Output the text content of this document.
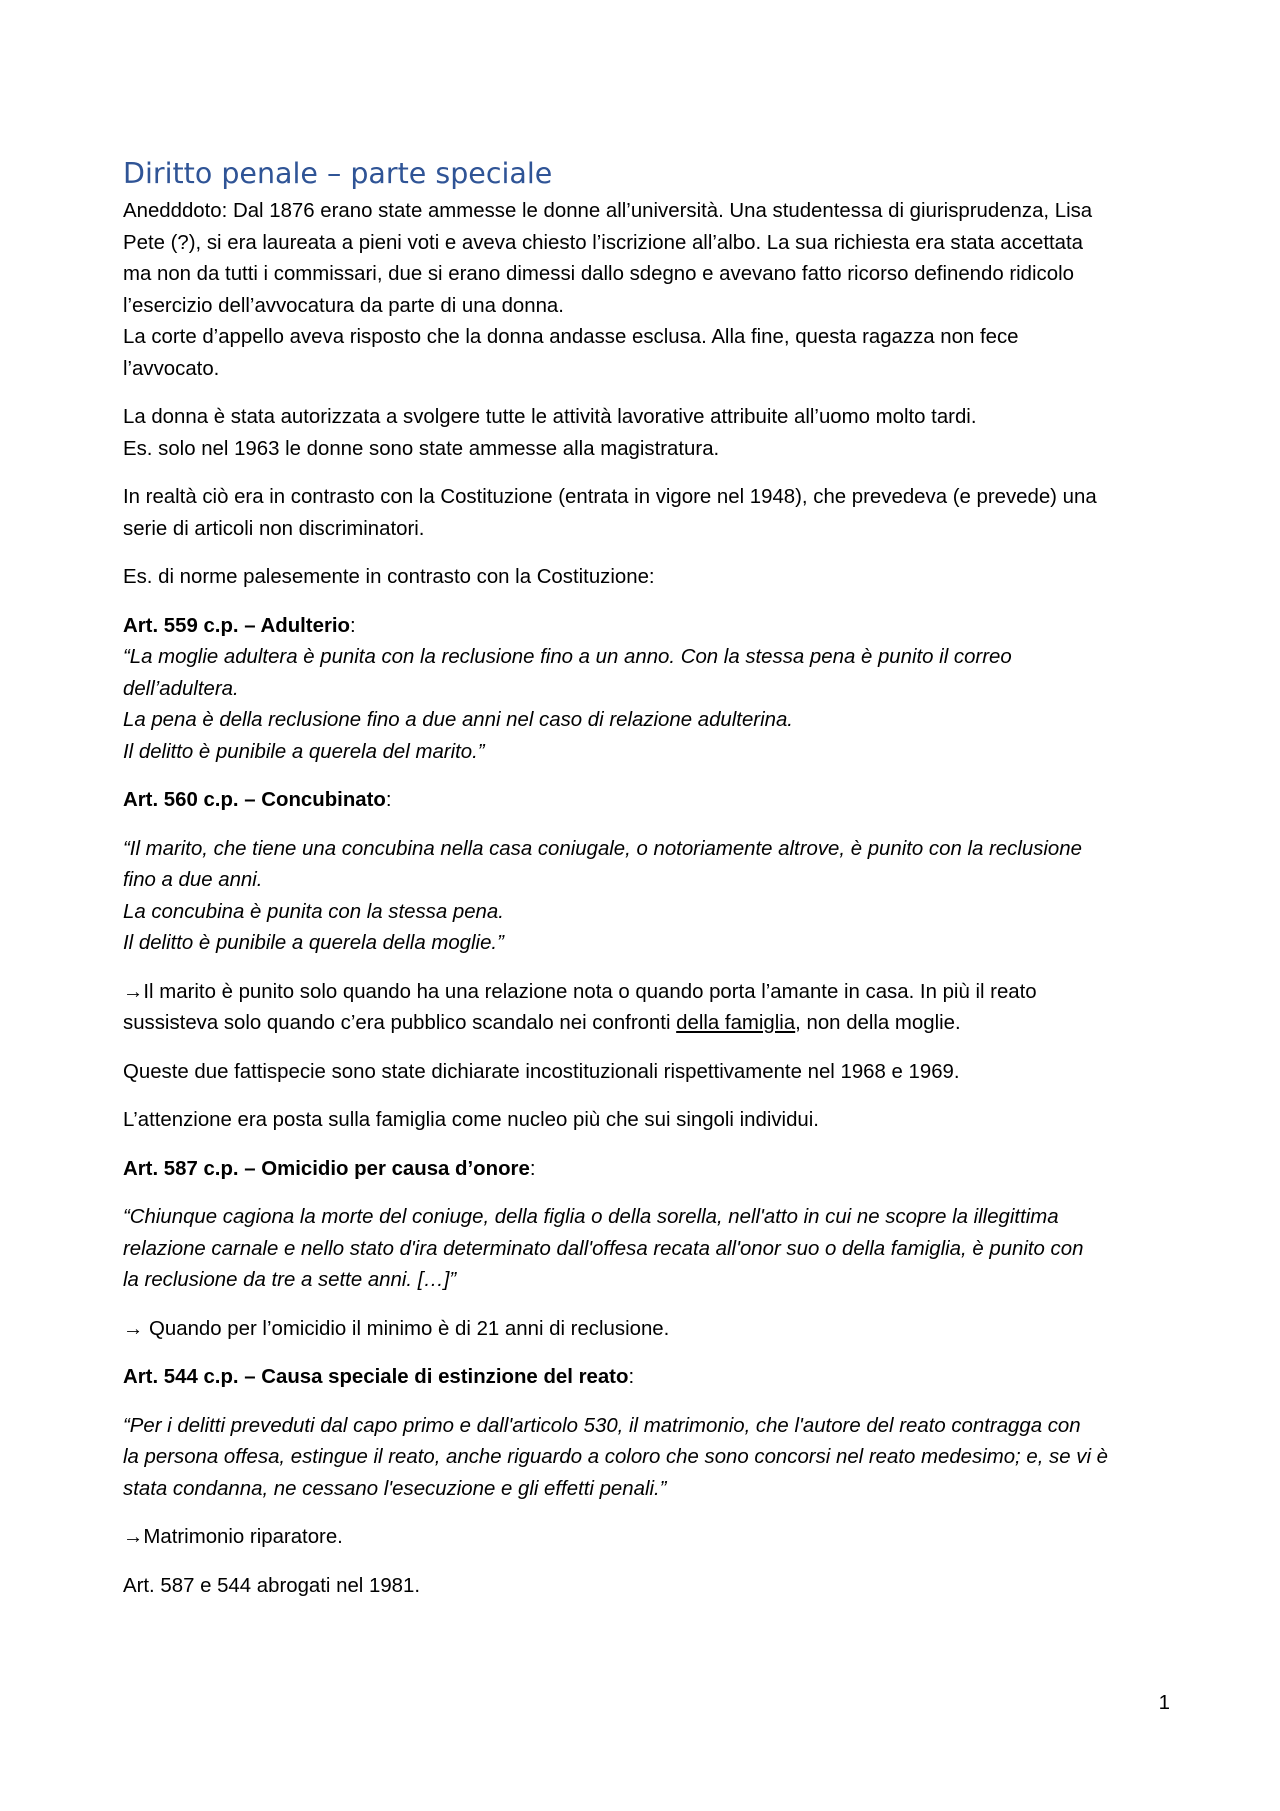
Diritto penale – parte speciale

Anedddoto: Dal 1876 erano state ammesse le donne all’università. Una studentessa di giurisprudenza, Lisa
Pete (?), si era laureata a pieni voti e aveva chiesto l’iscrizione all’albo. La sua richiesta era stata accettata
ma non da tutti i commissari, due si erano dimessi dallo sdegno e avevano fatto ricorso definendo ridicolo
l’esercizio dell’avvocatura da parte di una donna.
La corte d’appello aveva risposto che la donna andasse esclusa. Alla fine, questa ragazza non fece
l’avvocato.

La donna è stata autorizzata a svolgere tutte le attività lavorative attribuite all’uomo molto tardi.
Es. solo nel 1963 le donne sono state ammesse alla magistratura.

In realtà ciò era in contrasto con la Costituzione (entrata in vigore nel 1948), che prevedeva (e prevede) una
serie di articoli non discriminatori.

Es. di norme palesemente in contrasto con la Costituzione:

Art. 559 c.p. – Adulterio:
“La moglie adultera è punita con la reclusione fino a un anno. Con la stessa pena è punito il correo
dell’adultera.
La pena è della reclusione fino a due anni nel caso di relazione adulterina.
Il delitto è punibile a querela del marito.”

Art. 560 c.p. – Concubinato:

“Il marito, che tiene una concubina nella casa coniugale, o notoriamente altrove, è punito con la reclusione
fino a due anni.
La concubina è punita con la stessa pena.
Il delitto è punibile a querela della moglie.”

→Il marito è punito solo quando ha una relazione nota o quando porta l’amante in casa. In più il reato
sussisteva solo quando c’era pubblico scandalo nei confronti della famiglia, non della moglie.

Queste due fattispecie sono state dichiarate incostituzionali rispettivamente nel 1968 e 1969.

L’attenzione era posta sulla famiglia come nucleo più che sui singoli individui.

Art. 587 c.p. – Omicidio per causa d’onore:

“Chiunque cagiona la morte del coniuge, della figlia o della sorella, nell'atto in cui ne scopre la illegittima
relazione carnale e nello stato d'ira determinato dall'offesa recata all'onor suo o della famiglia, è punito con
la reclusione da tre a sette anni. […]”

→ Quando per l’omicidio il minimo è di 21 anni di reclusione.

Art. 544 c.p. – Causa speciale di estinzione del reato:

“Per i delitti preveduti dal capo primo e dall'articolo 530, il matrimonio, che l'autore del reato contragga con
la persona offesa, estingue il reato, anche riguardo a coloro che sono concorsi nel reato medesimo; e, se vi è
stata condanna, ne cessano l'esecuzione e gli effetti penali.”

→Matrimonio riparatore.

Art. 587 e 544 abrogati nel 1981.

1
